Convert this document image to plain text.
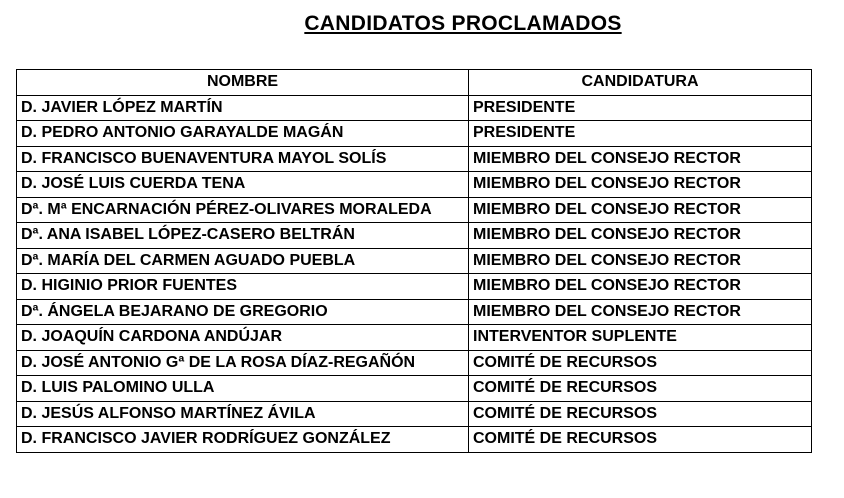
CANDIDATOS PROCLAMADOS
NOMBRE	CANDIDATURA
D. JAVIER LÓPEZ MARTÍN	PRESIDENTE
D. PEDRO ANTONIO GARAYALDE MAGÁN	PRESIDENTE
D. FRANCISCO BUENAVENTURA MAYOL SOLÍS	MIEMBRO DEL CONSEJO RECTOR
D. JOSÉ LUIS CUERDA TENA	MIEMBRO DEL CONSEJO RECTOR
Dª. Mª ENCARNACIÓN PÉREZ-OLIVARES MORALEDA	MIEMBRO DEL CONSEJO RECTOR
Dª. ANA ISABEL LÓPEZ-CASERO BELTRÁN	MIEMBRO DEL CONSEJO RECTOR
Dª. MARÍA DEL CARMEN AGUADO PUEBLA	MIEMBRO DEL CONSEJO RECTOR
D. HIGINIO PRIOR FUENTES	MIEMBRO DEL CONSEJO RECTOR
Dª. ÁNGELA BEJARANO DE GREGORIO	MIEMBRO DEL CONSEJO RECTOR
D. JOAQUÍN CARDONA ANDÚJAR	INTERVENTOR SUPLENTE
D. JOSÉ ANTONIO Gª DE LA ROSA DÍAZ-REGAÑÓN	COMITÉ DE RECURSOS
D. LUIS PALOMINO ULLA	COMITÉ DE RECURSOS
D. JESÚS ALFONSO MARTÍNEZ ÁVILA	COMITÉ DE RECURSOS
D. FRANCISCO JAVIER RODRÍGUEZ GONZÁLEZ	COMITÉ DE RECURSOS
